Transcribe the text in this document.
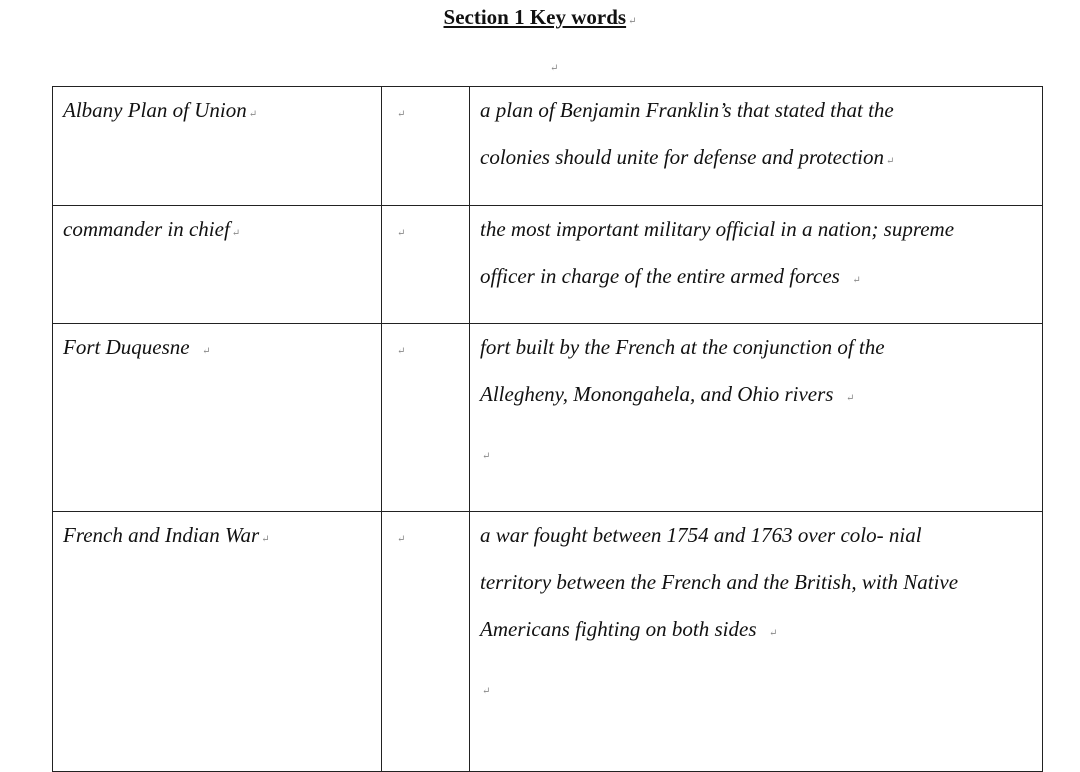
Section 1 Key words ↵
↵
Albany Plan of Union ↵	↵	a plan of Benjamin Franklin’s that stated that the
colonies should unite for defense and protection ↵

commander in chief ↵	↵	the most important military official in a nation; supreme
officer in charge of the entire armed forces ↵

Fort Duquesne ↵	↵	fort built by the French at the conjunction of the
Allegheny, Monongahela, and Ohio rivers ↵
↵

French and Indian War ↵	↵	a war fought between 1754 and 1763 over colo- nial
territory between the French and the British, with Native
Americans fighting on both sides ↵
↵
